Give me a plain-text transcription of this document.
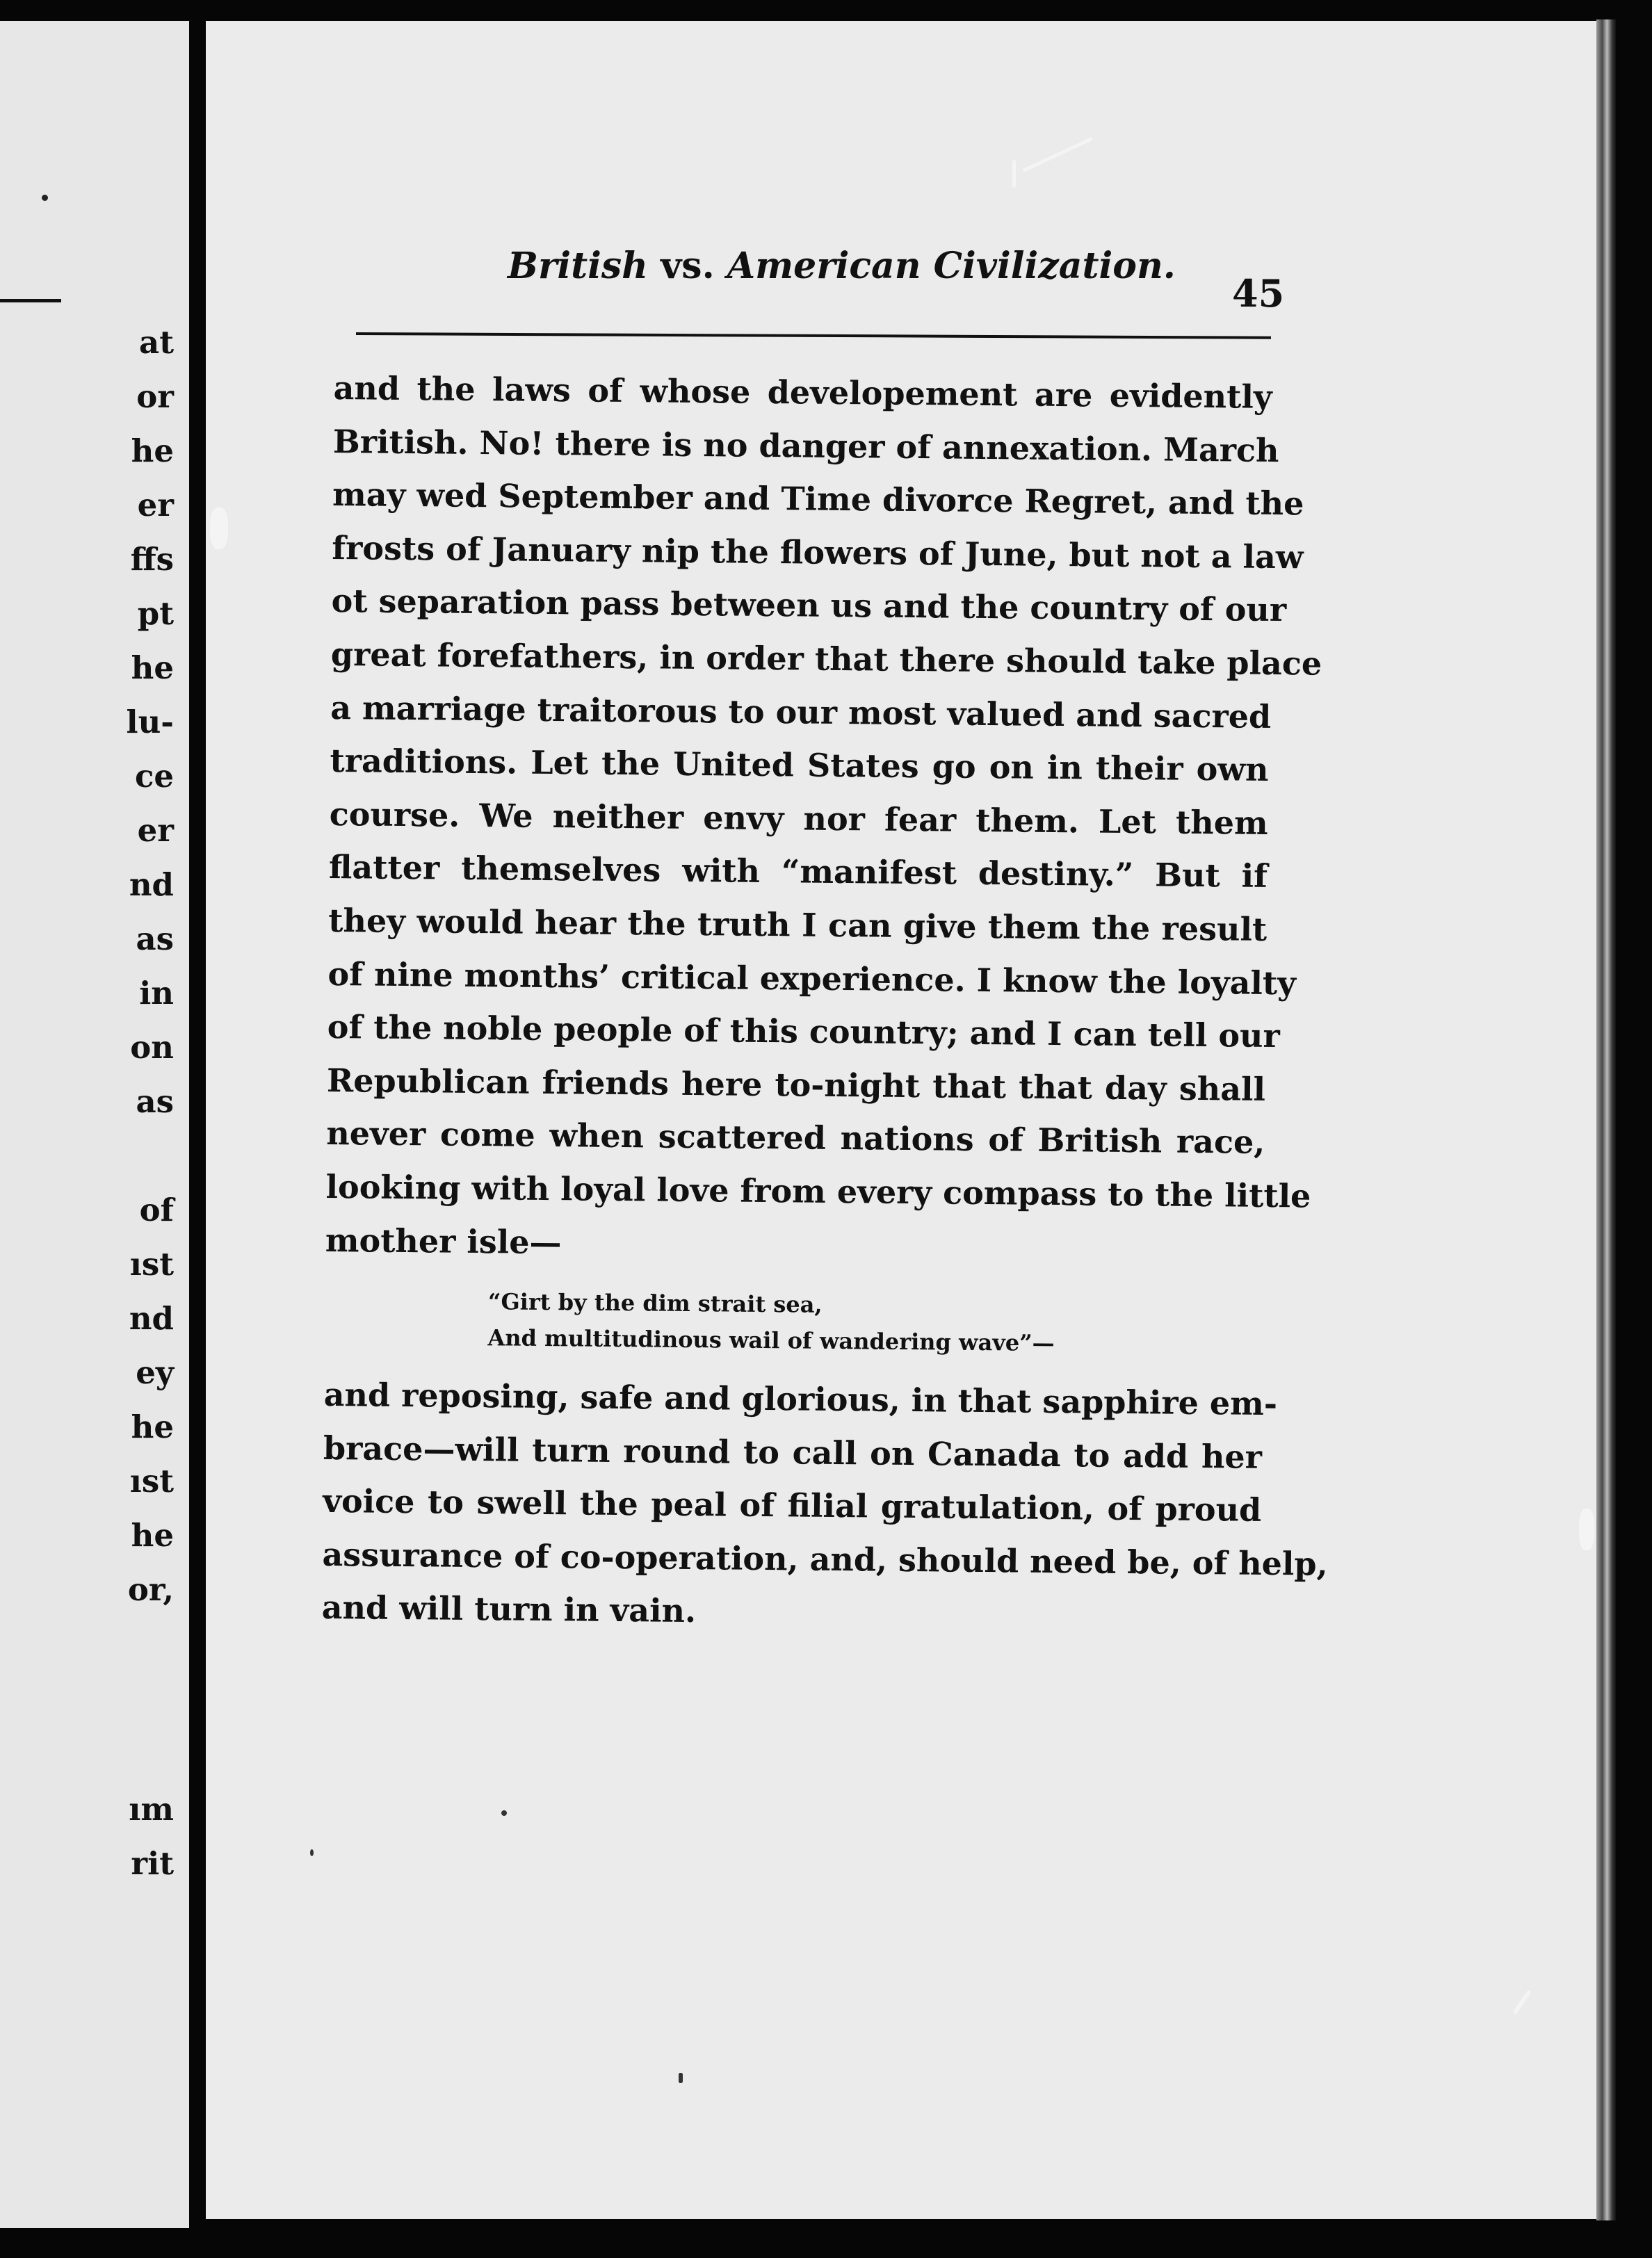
at
or
he
er
ffs
pt
he
lu-
ce
er
nd
as
in
on
as
of
ıst
nd
ey
he
ıst
he
or,
ım
rit
British vs. American Civilization.
45
and the laws of whose developement are evidently
British. No! there is no danger of annexation. March
may wed September and Time divorce Regret, and the
frosts of January nip the flowers of June, but not a law
ot separation pass between us and the country of our
great forefathers, in order that there should take place
a marriage traitorous to our most valued and sacred
traditions. Let the United States go on in their own
course. We neither envy nor fear them. Let them
flatter themselves with “manifest destiny.” But if
they would hear the truth I can give them the result
of nine months’ critical experience. I know the loyalty
of the noble people of this country; and I can tell our
Republican friends here to-night that that day shall
never come when scattered nations of British race,
looking with loyal love from every compass to the little
mother isle—
“Girt by the dim strait sea,
And multitudinous wail of wandering wave”—
and reposing, safe and glorious, in that sapphire em-
brace—will turn round to call on Canada to add her
voice to swell the peal of filial gratulation, of proud
assurance of co-operation, and, should need be, of help,
and will turn in vain.
